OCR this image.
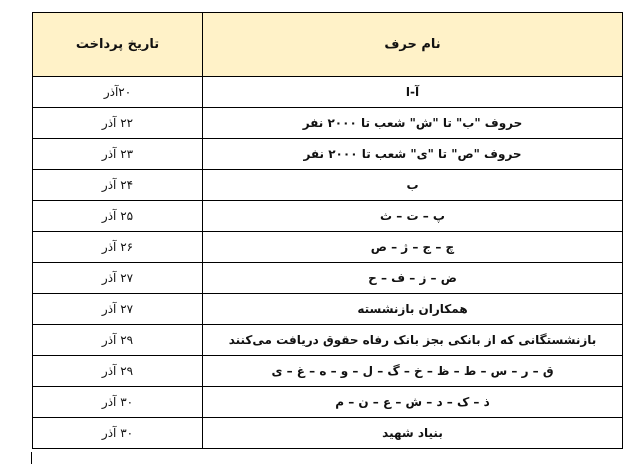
نام حرف	تاریخ پرداخت
آ-ا	۲۰آذر
حروف "ب" تا "ش" شعب تا ۲۰۰۰ نفر	۲۲ آذر
حروف "ص" تا "ی" شعب تا ۲۰۰۰ نفر	۲۳ آذر
ب	۲۴ آذر
پ – ت – ث	۲۵ آذر
چ – ج – ژ – ص	۲۶ آذر
ض – ز – ف – ح	۲۷ آذر
همکاران بازنشسته	۲۷ آذر
بازنشستگانی که از بانکی بجز بانک رفاه حقوق دریافت می‌کنند	۲۹ آذر
ق – ر – س – ط – ظ – خ – گ – ل – و – ه – غ – ی	۲۹ آذر
ذ – ک – د – ش – ع – ن – م	۳۰ آذر
بنیاد شهید	۳۰ آذر
